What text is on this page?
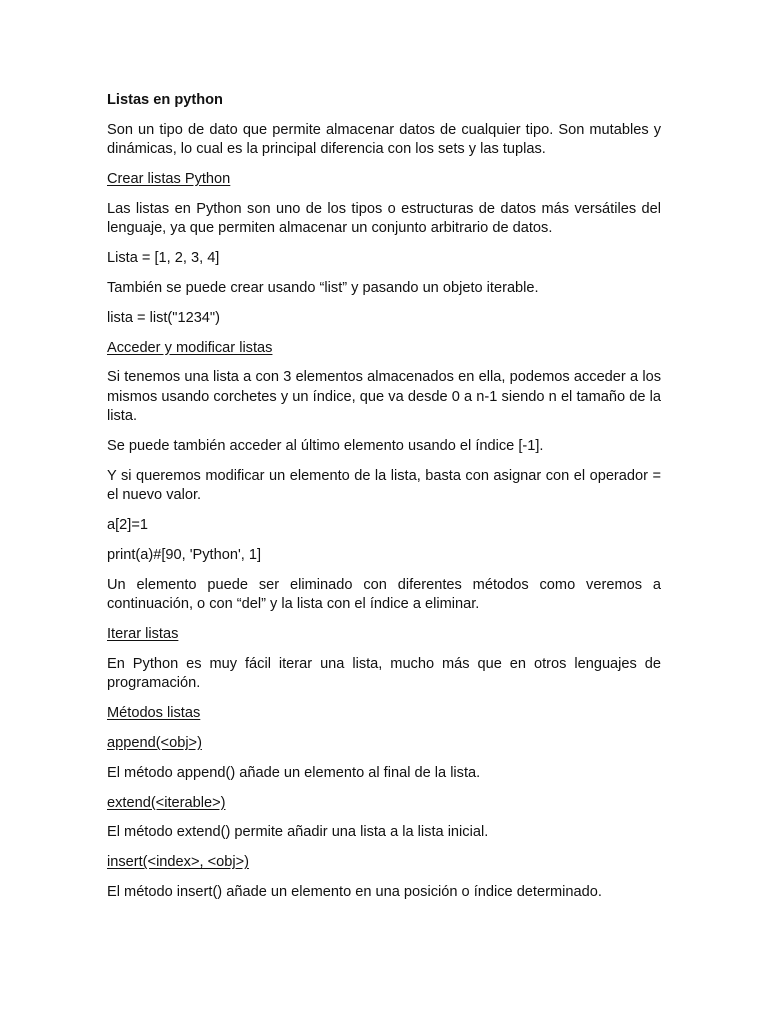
Listas en python

Son un tipo de dato que permite almacenar datos de cualquier tipo. Son mutables y dinámicas, lo cual es la principal diferencia con los sets y las tuplas.

Crear listas Python

Las listas en Python son uno de los tipos o estructuras de datos más versátiles del lenguaje, ya que permiten almacenar un conjunto arbitrario de datos.

Lista = [1, 2, 3, 4]

También se puede crear usando “list” y pasando un objeto iterable.

lista = list("1234")

Acceder y modificar listas

Si tenemos una lista a con 3 elementos almacenados en ella, podemos acceder a los mismos usando corchetes y un índice, que va desde 0 a n-1 siendo n el tamaño de la lista.

Se puede también acceder al último elemento usando el índice [-1].

Y si queremos modificar un elemento de la lista, basta con asignar con el operador = el nuevo valor.

a[2]=1

print(a)#[90, 'Python', 1]

Un elemento puede ser eliminado con diferentes métodos como veremos a continuación, o con “del” y la lista con el índice a eliminar.

Iterar listas

En Python es muy fácil iterar una lista, mucho más que en otros lenguajes de programación.

Métodos listas

append(<obj>)

El método append() añade un elemento al final de la lista.

extend(<iterable>)

El método extend() permite añadir una lista a la lista inicial.

insert(<index>, <obj>)

El método insert() añade un elemento en una posición o índice determinado.
